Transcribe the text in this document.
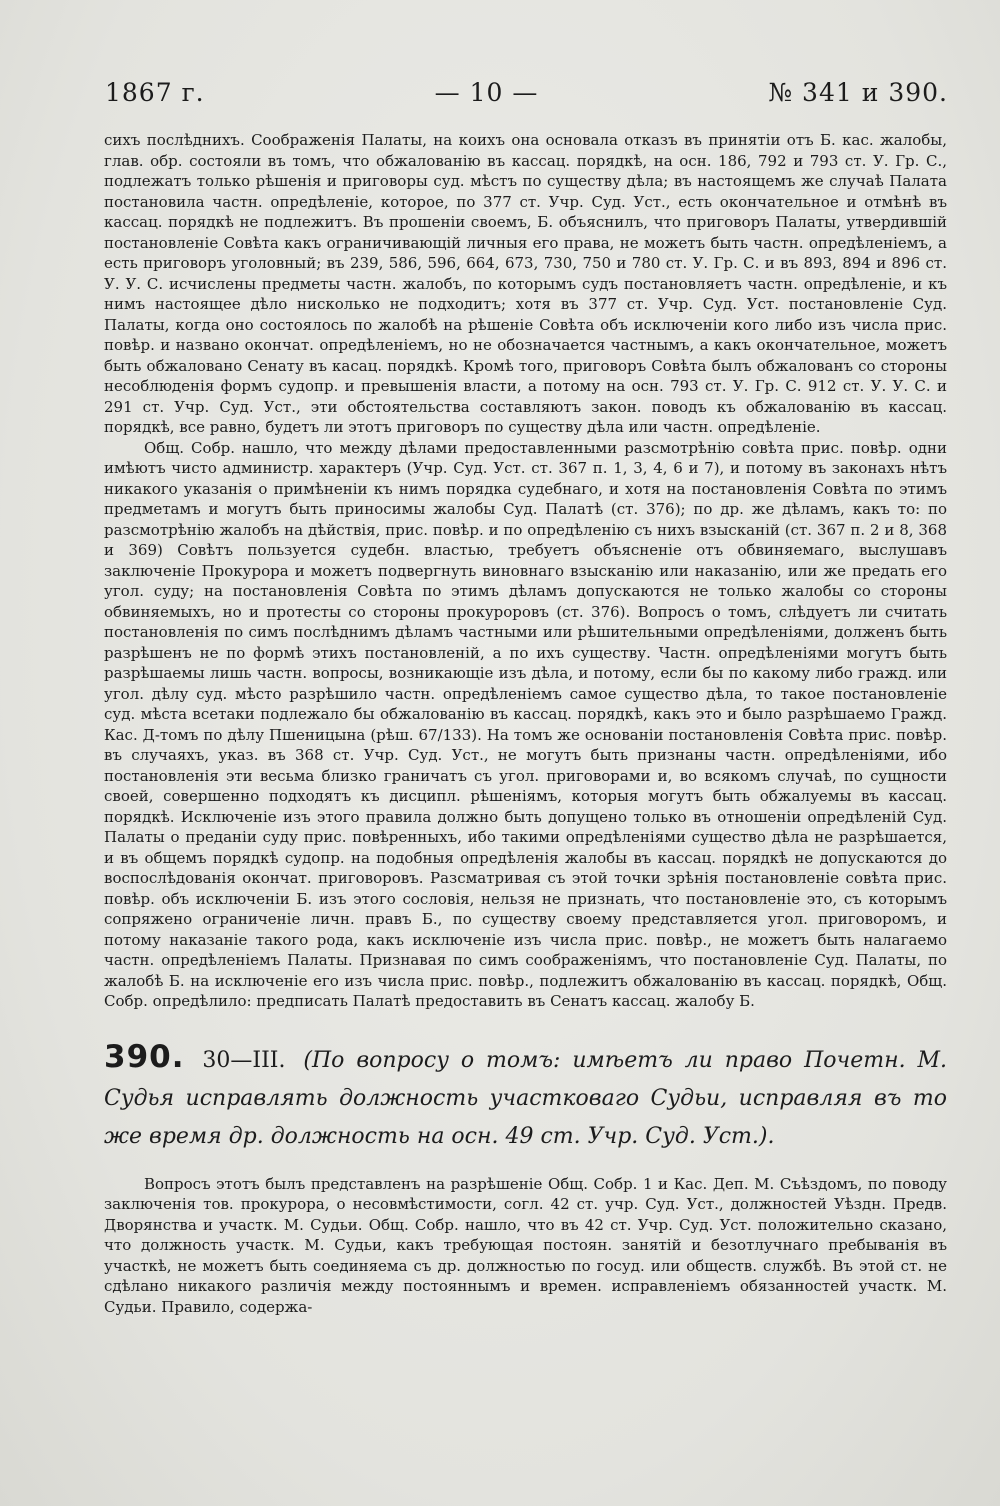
1867 г.	— 10 —	№ 341 и 390.

сихъ послѣднихъ. Соображенія Палаты, на коихъ она основала отказъ въ принятіи отъ Б. кас. жалобы, глав. обр. состояли въ томъ, что обжалованію въ кассац. порядкѣ, на осн. 186, 792 и 793 ст. У. Гр. С., подлежатъ только рѣшенія и приговоры суд. мѣстъ по существу дѣла; въ настоящемъ же случаѣ Палата постановила частн. опредѣленіе, которое, по 377 ст. Учр. Суд. Уст., есть окончательное и отмѣнѣ въ кассац. порядкѣ не подлежитъ. Въ прошеніи своемъ, Б. объяснилъ, что приговоръ Палаты, утвердившій постановленіе Совѣта какъ ограничивающій личныя его права, не можетъ быть частн. опредѣленіемъ, а есть приговоръ уголовный; въ 239, 586, 596, 664, 673, 730, 750 и 780 ст. У. Гр. С. и въ 893, 894 и 896 ст. У. У. С. исчислены предметы частн. жалобъ, по которымъ судъ постановляетъ частн. опредѣленіе, и къ нимъ настоящее дѣло нисколько не подходитъ; хотя въ 377 ст. Учр. Суд. Уст. постановленіе Суд. Палаты, когда оно состоялось по жалобѣ на рѣшеніе Совѣта объ исключеніи кого либо изъ числа прис. повѣр. и названо окончат. опредѣленіемъ, но не обозначается частнымъ, а какъ окончательное, можетъ быть обжаловано Сенату въ касац. порядкѣ. Кромѣ того, приговоръ Совѣта былъ обжалованъ со стороны несоблюденія формъ судопр. и превышенія власти, а потому на осн. 793 ст. У. Гр. С. 912 ст. У. У. С. и 291 ст. Учр. Суд. Уст., эти обстоятельства составляютъ закон. поводъ къ обжалованію въ кассац. порядкѣ, все равно, будетъ ли этотъ приговоръ по существу дѣла или частн. опредѣленіе.

Общ. Собр. нашло, что между дѣлами предоставленными разсмотрѣнію совѣта прис. повѣр. одни имѣютъ чисто администр. характеръ (Учр. Суд. Уст. ст. 367 п. 1, 3, 4, 6 и 7), и потому въ законахъ нѣтъ никакого указанія о примѣненіи къ нимъ порядка судебнаго, и хотя на постановленія Совѣта по этимъ предметамъ и могутъ быть приносимы жалобы Суд. Палатѣ (ст. 376); по др. же дѣламъ, какъ то: по разсмотрѣнію жалобъ на дѣйствія, прис. повѣр. и по опредѣленію съ нихъ взысканій (ст. 367 п. 2 и 8, 368 и 369) Совѣтъ пользуется судебн. властью, требуетъ объясненіе отъ обвиняемаго, выслушавъ заключеніе Прокурора и можетъ подвергнуть виновнаго взысканію или наказанію, или же предать его угол. суду; на постановленія Совѣта по этимъ дѣламъ допускаются не только жалобы со стороны обвиняемыхъ, но и протесты со стороны прокуроровъ (ст. 376). Вопросъ о томъ, слѣдуетъ ли считать постановленія по симъ послѣднимъ дѣламъ частными или рѣшительными опредѣленіями, долженъ быть разрѣшенъ не по формѣ этихъ постановленій, а по ихъ существу. Частн. опредѣленіями могутъ быть разрѣшаемы лишь частн. вопросы, возникающіе изъ дѣла, и потому, если бы по какому либо гражд. или угол. дѣлу суд. мѣсто разрѣшило частн. опредѣленіемъ самое существо дѣла, то такое постановленіе суд. мѣста всетаки подлежало бы обжалованію въ кассац. порядкѣ, какъ это и было разрѣшаемо Гражд. Кас. Д-томъ по дѣлу Пшеницына (рѣш. 67/133). На томъ же основаніи постановленія Совѣта прис. повѣр. въ случаяхъ, указ. въ 368 ст. Учр. Суд. Уст., не могутъ быть признаны частн. опредѣленіями, ибо постановленія эти весьма близко граничатъ съ угол. приговорами и, во всякомъ случаѣ, по сущности своей, совершенно подходятъ къ дисципл. рѣшеніямъ, которыя могутъ быть обжалуемы въ кассац. порядкѣ. Исключеніе изъ этого правила должно быть допущено только въ отношеніи опредѣленій Суд. Палаты о преданіи суду прис. повѣренныхъ, ибо такими опредѣленіями существо дѣла не разрѣшается, и въ общемъ порядкѣ судопр. на подобныя опредѣленія жалобы въ кассац. порядкѣ не допускаются до воспослѣдованія окончат. приговоровъ. Разсматривая съ этой точки зрѣнія постановленіе совѣта прис. повѣр. объ исключеніи Б. изъ этого сословія, нельзя не признать, что постановленіе это, съ которымъ сопряжено ограниченіе личн. правъ Б., по существу своему представляется угол. приговоромъ, и потому наказаніе такого рода, какъ исключеніе изъ числа прис. повѣр., не можетъ быть налагаемо частн. опредѣленіемъ Палаты. Признавая по симъ соображеніямъ, что постановленіе Суд. Палаты, по жалобѣ Б. на исключеніе его изъ числа прис. повѣр., подлежитъ обжалованію въ кассац. порядкѣ, Общ. Собр. опредѣлило: предписать Палатѣ предоставить въ Сенатъ кассац. жалобу Б.

390. 30—III. (По вопросу о томъ: имѣетъ ли право Почетн. М. Судья исправлять должность участковаго Судьи, исправляя въ то же время др. должность на осн. 49 ст. Учр. Суд. Уст.).

Вопросъ этотъ былъ представленъ на разрѣшеніе Общ. Собр. 1 и Кас. Деп. М. Съѣздомъ, по поводу заключенія тов. прокурора, о несовмѣстимости, согл. 42 ст. учр. Суд. Уст., должностей Уѣздн. Предв. Дворянства и участк. М. Судьи. Общ. Собр. нашло, что въ 42 ст. Учр. Суд. Уст. положительно сказано, что должность участк. М. Судьи, какъ требующая постоян. занятій и безотлучнаго пребыванія въ участкѣ, не можетъ быть соединяема съ др. должностью по госуд. или обществ. службѣ. Въ этой ст. не сдѣлано никакого различія между постояннымъ и времен. исправленіемъ обязанностей участк. М. Судьи. Правило, содержа-
